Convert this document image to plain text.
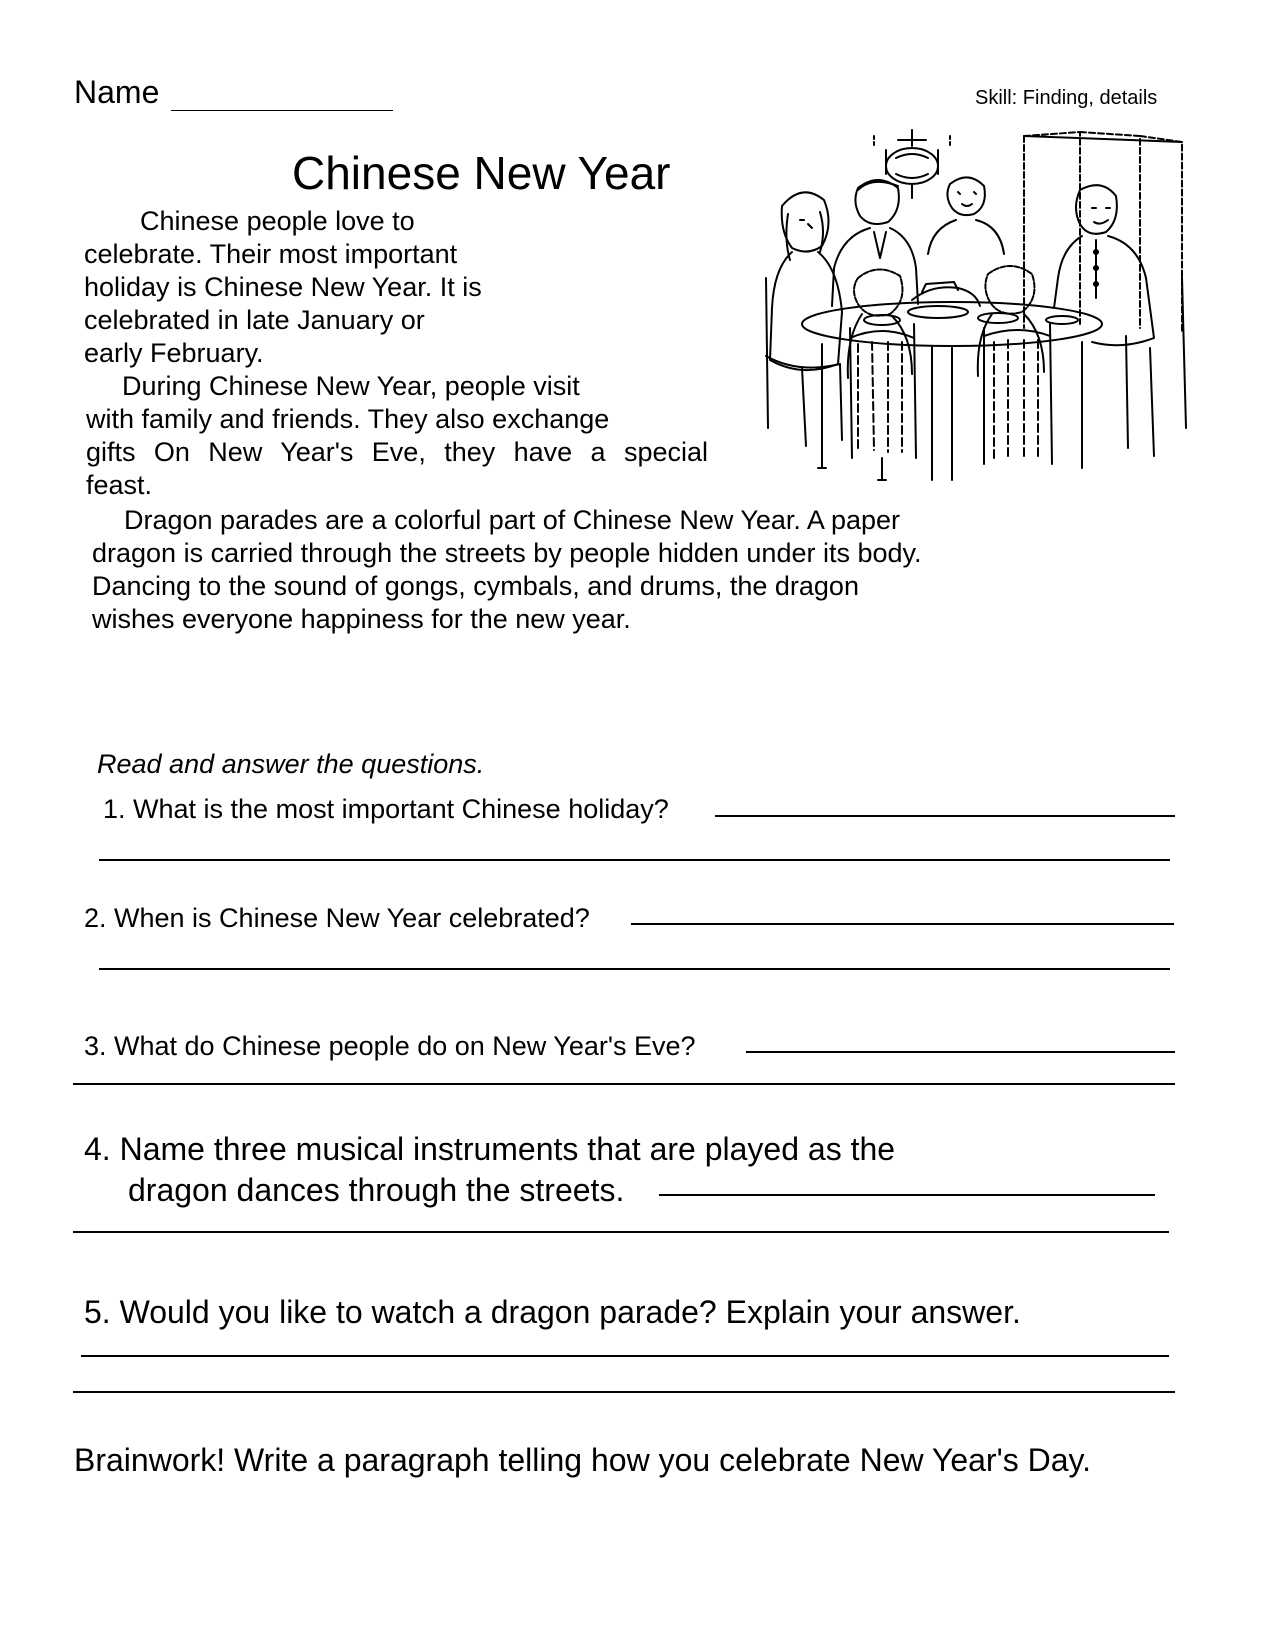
Name	Skill: Finding, details
Chinese New Year
Chinese people love to
celebrate. Their most important
holiday is Chinese New Year. It is
celebrated in late January or
early February.
During Chinese New Year, people visit
with family and friends. They also exchange
gifts On New Year's Eve, they have a special
feast.
Dragon parades are a colorful part of Chinese New Year. A paper
dragon is carried through the streets by people hidden under its body.
Dancing to the sound of gongs, cymbals, and drums, the dragon
wishes everyone happiness for the new year.
Read and answer the questions.
1. What is the most important Chinese holiday?
2. When is Chinese New Year celebrated?
3. What do Chinese people do on New Year's Eve?
4. Name three musical instruments that are played as the
dragon dances through the streets.
5. Would you like to watch a dragon parade? Explain your answer.
Brainwork! Write a paragraph telling how you celebrate New Year's Day.
